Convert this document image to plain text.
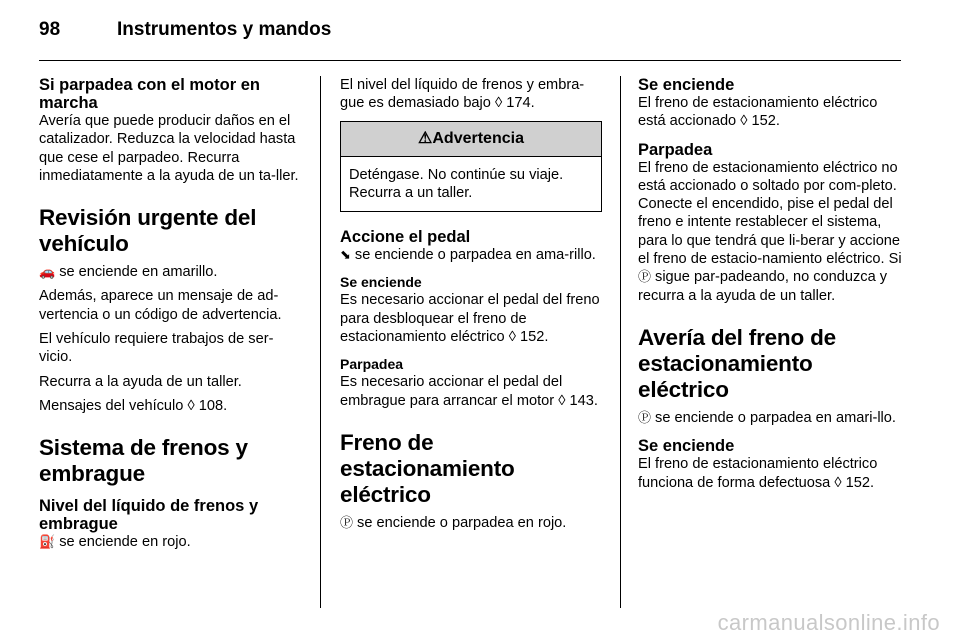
98	Instrumentos y mandos

Si parpadea con el motor en marcha

Avería que puede producir daños en el catalizador. Reduzca la velocidad hasta que cese el parpadeo. Recurra inmediatamente a la ayuda de un ta-ller.

Revisión urgente del vehículo

🚗 se enciende en amarillo.

Además, aparece un mensaje de ad-vertencia o un código de advertencia.

El vehículo requiere trabajos de ser-vicio.

Recurra a la ayuda de un taller.

Mensajes del vehículo ◊ 108.

Sistema de frenos y embrague

Nivel del líquido de frenos y embrague

⛽ se enciende en rojo.

El nivel del líquido de frenos y embra-gue es demasiado bajo ◊ 174.

⚠Advertencia
Deténgase. No continúe su viaje. Recurra a un taller.

Accione el pedal

⬊ se enciende o parpadea en ama-rillo.

Se enciende

Es necesario accionar el pedal del freno para desbloquear el freno de estacionamiento eléctrico ◊ 152.

Parpadea

Es necesario accionar el pedal del embrague para arrancar el motor ◊ 143.

Freno de estacionamiento eléctrico

Ⓟ se enciende o parpadea en rojo.

Se enciende

El freno de estacionamiento eléctrico está accionado ◊ 152.

Parpadea

El freno de estacionamiento eléctrico no está accionado o soltado por com-pleto. Conecte el encendido, pise el pedal del freno e intente restablecer el sistema, para lo que tendrá que li-berar y accione el freno de estacio-namiento eléctrico. Si Ⓟ sigue par-padeando, no conduzca y recurra a la ayuda de un taller.

Avería del freno de estacionamiento eléctrico

Ⓟ se enciende o parpadea en amari-llo.

Se enciende

El freno de estacionamiento eléctrico funciona de forma defectuosa ◊ 152.

carmanualsonline.info
